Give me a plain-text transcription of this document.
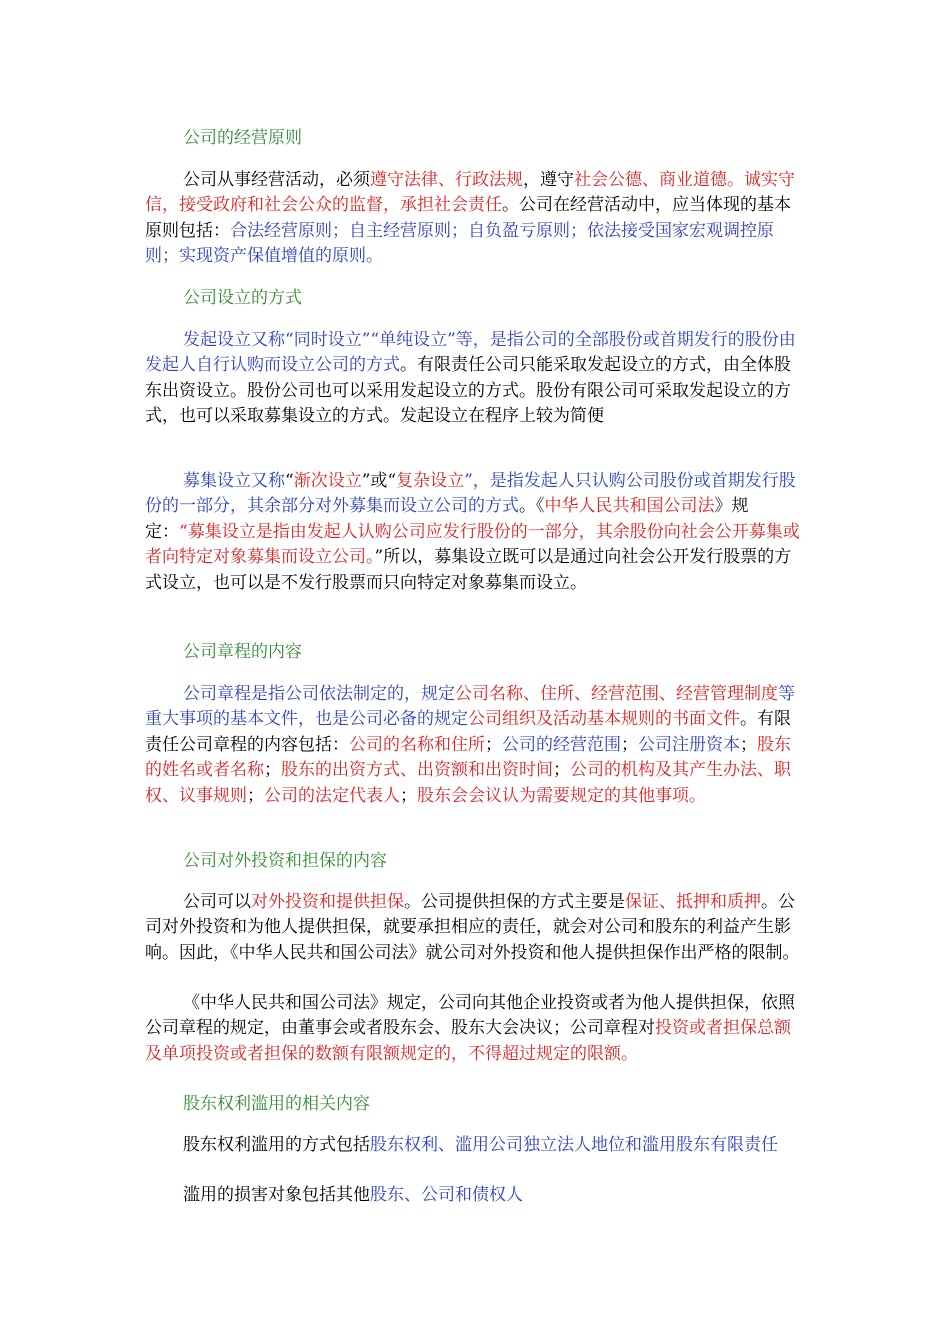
公司的经营原则
公司从事经营活动，必须遵守法律、行政法规，遵守社会公德、商业道德。诚实守信，接受政府和社会公众的监督，承担社会责任。公司在经营活动中，应当体现的基本原则包括：合法经营原则；自主经营原则；自负盈亏原则；依法接受国家宏观调控原则；实现资产保值增值的原则。
公司设立的方式
发起设立又称“同时设立”“单纯设立”等，是指公司的全部股份或首期发行的股份由发起人自行认购而设立公司的方式。有限责任公司只能采取发起设立的方式，由全体股东出资设立。股份公司也可以采用发起设立的方式。股份有限公司可采取发起设立的方式，也可以采取募集设立的方式。发起设立在程序上较为简便
募集设立又称“渐次设立”或“复杂设立”，是指发起人只认购公司股份或首期发行股份的一部分，其余部分对外募集而设立公司的方式。《中华人民共和国公司法》规定：“募集设立是指由发起人认购公司应发行股份的一部分，其余股份向社会公开募集或者向特定对象募集而设立公司。”所以，募集设立既可以是通过向社会公开发行股票的方式设立，也可以是不发行股票而只向特定对象募集而设立。
公司章程的内容
公司章程是指公司依法制定的，规定公司名称、住所、经营范围、经营管理制度等重大事项的基本文件，也是公司必备的规定公司组织及活动基本规则的书面文件。有限责任公司章程的内容包括：公司的名称和住所；公司的经营范围；公司注册资本；股东的姓名或者名称；股东的出资方式、出资额和出资时间；公司的机构及其产生办法、职权、议事规则；公司的法定代表人；股东会会议认为需要规定的其他事项。
公司对外投资和担保的内容
公司可以对外投资和提供担保。公司提供担保的方式主要是保证、抵押和质押。公司对外投资和为他人提供担保，就要承担相应的责任，就会对公司和股东的利益产生影响。因此，《中华人民共和国公司法》就公司对外投资和他人提供担保作出严格的限制。
《中华人民共和国公司法》规定，公司向其他企业投资或者为他人提供担保，依照公司章程的规定，由董事会或者股东会、股东大会决议；公司章程对投资或者担保总额及单项投资或者担保的数额有限额规定的，不得超过规定的限额。
股东权利滥用的相关内容
股东权利滥用的方式包括股东权利、滥用公司独立法人地位和滥用股东有限责任
滥用的损害对象包括其他股东、公司和债权人
